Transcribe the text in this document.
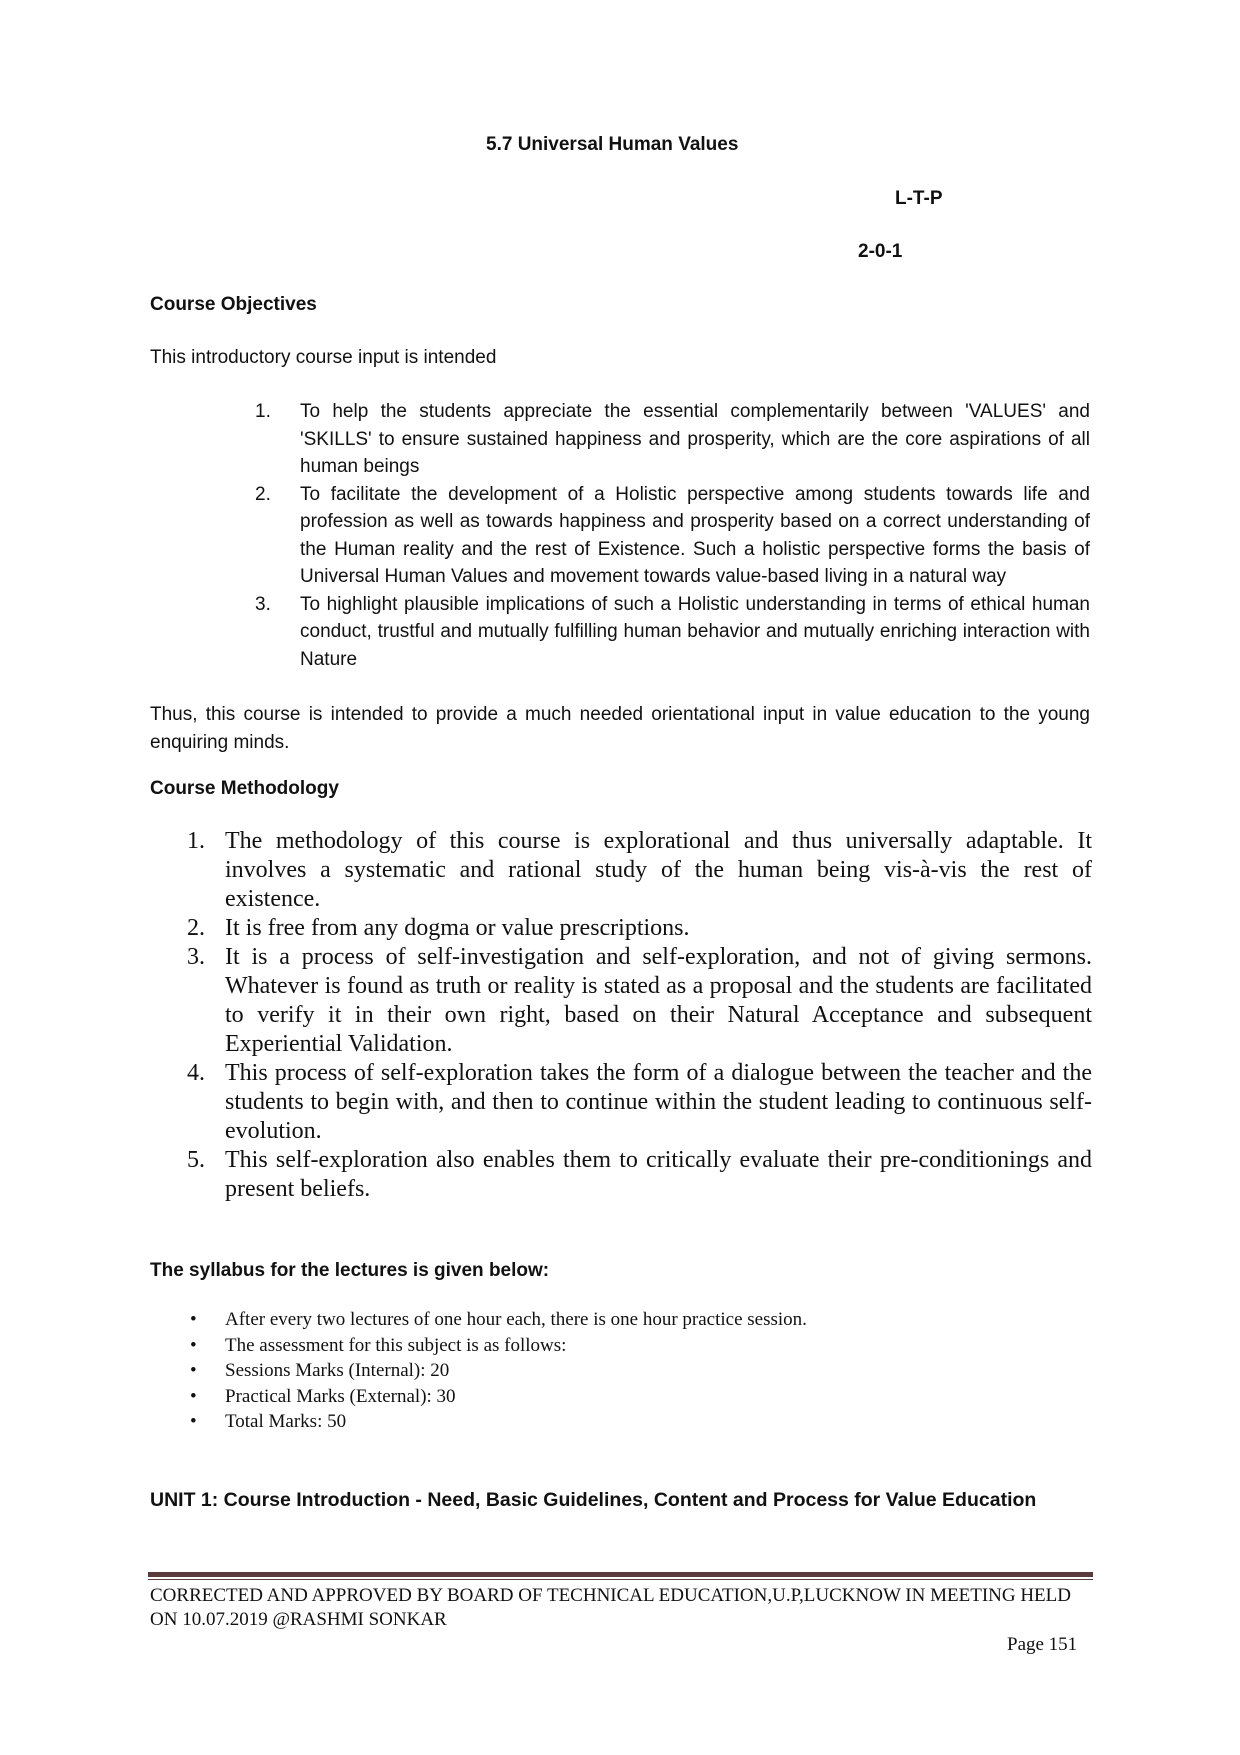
5.7 Universal Human Values
L-T-P
2-0-1
Course Objectives
This introductory course input is intended
1. To help the students appreciate the essential complementarily between 'VALUES' and 'SKILLS' to ensure sustained happiness and prosperity, which are the core aspirations of all human beings
2. To facilitate the development of a Holistic perspective among students towards life and profession as well as towards happiness and prosperity based on a correct understanding of the Human reality and the rest of Existence. Such a holistic perspective forms the basis of Universal Human Values and movement towards value-based living in a natural way
3. To highlight plausible implications of such a Holistic understanding in terms of ethical human conduct, trustful and mutually fulfilling human behavior and mutually enriching interaction with Nature
Thus, this course is intended to provide a much needed orientational input in value education to the young enquiring minds.
Course Methodology
1. The methodology of this course is explorational and thus universally adaptable. It involves a systematic and rational study of the human being vis-à-vis the rest of existence.
2. It is free from any dogma or value prescriptions.
3. It is a process of self-investigation and self-exploration, and not of giving sermons. Whatever is found as truth or reality is stated as a proposal and the students are facilitated to verify it in their own right, based on their Natural Acceptance and subsequent Experiential Validation.
4. This process of self-exploration takes the form of a dialogue between the teacher and the students to begin with, and then to continue within the student leading to continuous self-evolution.
5. This self-exploration also enables them to critically evaluate their pre-conditionings and present beliefs.
The syllabus for the lectures is given below:
• After every two lectures of one hour each, there is one hour practice session.
• The assessment for this subject is as follows:
• Sessions Marks (Internal): 20
• Practical Marks (External): 30
• Total Marks: 50
UNIT 1: Course Introduction - Need, Basic Guidelines, Content and Process for Value Education
CORRECTED AND APPROVED BY BOARD OF TECHNICAL EDUCATION,U.P,LUCKNOW IN MEETING HELD ON 10.07.2019 @RASHMI SONKAR
Page 151
